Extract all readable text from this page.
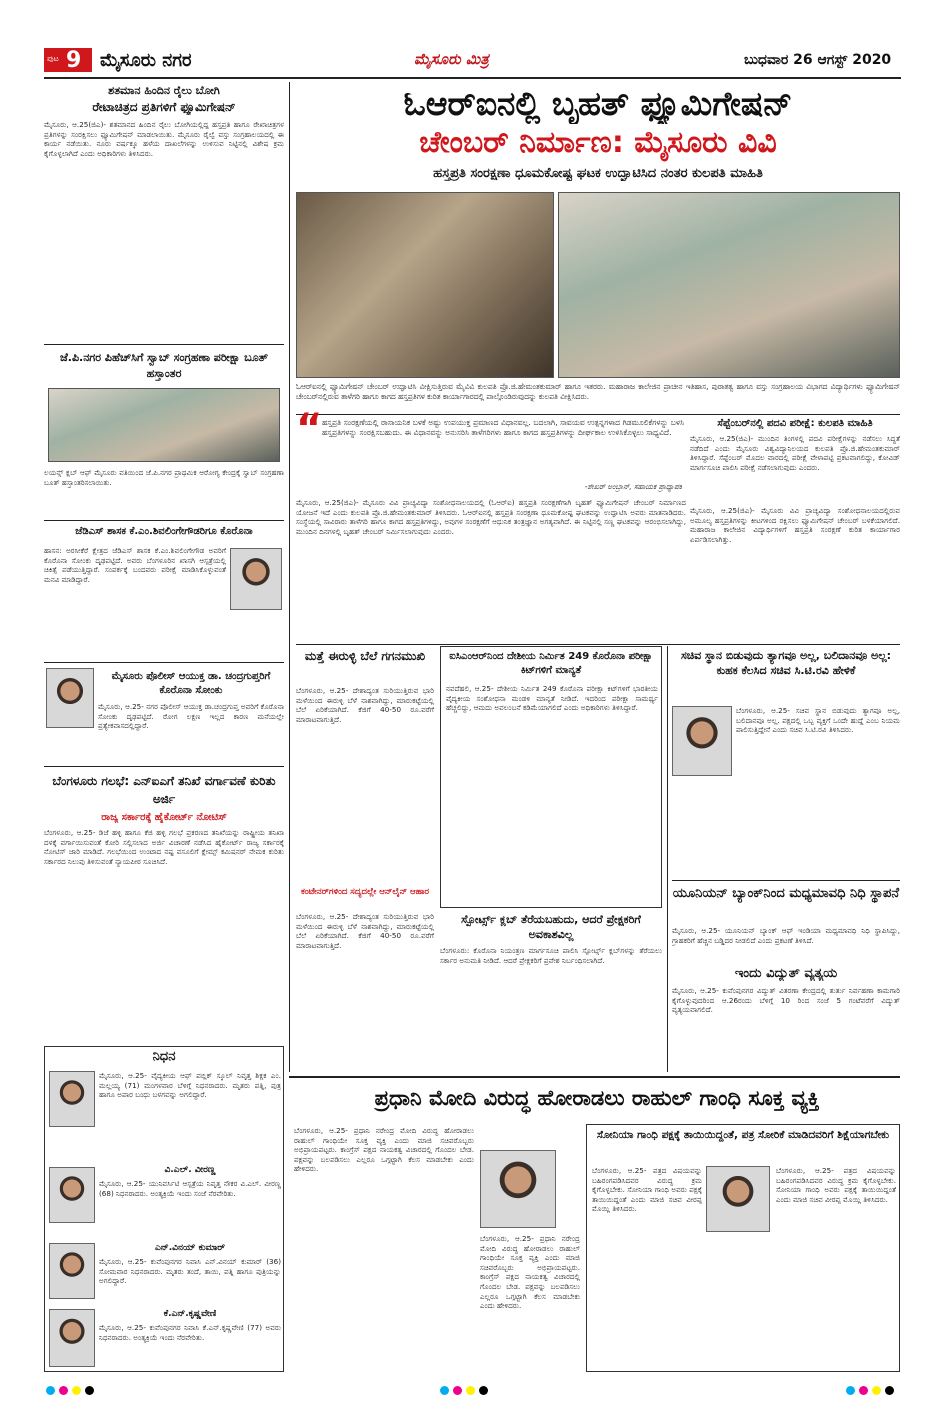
ಪುಟ 9 ಮೈಸೂರು ನಗರ	ಮೈಸೂರು ಮಿತ್ರ	ಬುಧವಾರ 26 ಆಗಸ್ಟ್ 2020
ಶತಮಾನ ಹಿಂದಿನ ರೈಲು ಬೋಗಿ
ರೇಟಾಚಿತ್ರದ ಪ್ರತಿಗಳಿಗೆ ಫ್ಯೂಮಿಗೇಷನ್
ಮೈಸೂರು, ಆ.25(ಜಿಎ)- ಶತಮಾನದ ಹಿಂದಿನ ರೈಲು ಬೋಗಿಯಲ್ಲಿದ್ದ ಹಸ್ತಪ್ರತಿ ಹಾಗೂ ರೇಖಾಚಿತ್ರಗಳ ಪ್ರತಿಗಳನ್ನು ಸಂರಕ್ಷಿಸಲು ಫ್ಯೂಮಿಗೇಷನ್ ಮಾಡಲಾಯಿತು. ಮೈಸೂರು ರೈಲ್ವೆ ವಸ್ತು ಸಂಗ್ರಹಾಲಯದಲ್ಲಿ ಈ ಕಾರ್ಯ ನಡೆಯಿತು. ನೂರು ವರ್ಷಕ್ಕೂ ಹಳೆಯ ದಾಖಲೆಗಳನ್ನು ಉಳಿಸುವ ನಿಟ್ಟಿನಲ್ಲಿ ವಿಶೇಷ ಕ್ರಮ ಕೈಗೊಳ್ಳಲಾಗಿದೆ ಎಂದು ಅಧಿಕಾರಿಗಳು ತಿಳಿಸಿದರು.
ಜೆ.ಪಿ.ನಗರ ಪಿಹೆಚ್‌ಸಿಗೆ ಸ್ವಾಬ್ ಸಂಗ್ರಹಣಾ ಪರೀಕ್ಷಾ ಬೂತ್ ಹಸ್ತಾಂತರ
ಲಯನ್ಸ್ ಕ್ಲಬ್ ಆಫ್ ಮೈಸೂರು ವತಿಯಿಂದ ಜೆ.ಪಿ.ನಗರ ಪ್ರಾಥಮಿಕ ಆರೋಗ್ಯ ಕೇಂದ್ರಕ್ಕೆ ಸ್ವಾಬ್ ಸಂಗ್ರಹಣಾ ಬೂತ್ ಹಸ್ತಾಂತರಿಸಲಾಯಿತು.
ಜೆಡಿಎಸ್ ಶಾಸಕ ಕೆ.ಎಂ.ಶಿವಲಿಂಗೇಗೌಡರಿಗೂ ಕೊರೊನಾ
ಹಾಸನ: ಅರಸೀಕೆರೆ ಕ್ಷೇತ್ರದ ಜೆಡಿಎಸ್ ಶಾಸಕ ಕೆ.ಎಂ.ಶಿವಲಿಂಗೇಗೌಡ ಅವರಿಗೆ ಕೊರೊನಾ ಸೋಂಕು ದೃಢಪಟ್ಟಿದೆ. ಅವರು ಬೆಂಗಳೂರಿನ ಖಾಸಗಿ ಆಸ್ಪತ್ರೆಯಲ್ಲಿ ಚಿಕಿತ್ಸೆ ಪಡೆಯುತ್ತಿದ್ದಾರೆ. ಸಂಪರ್ಕಕ್ಕೆ ಬಂದವರು ಪರೀಕ್ಷೆ ಮಾಡಿಸಿಕೊಳ್ಳುವಂತೆ ಮನವಿ ಮಾಡಿದ್ದಾರೆ.
ಮೈಸೂರು ಪೊಲೀಸ್ ಆಯುಕ್ತ ಡಾ. ಚಂದ್ರಗುಪ್ತರಿಗೆ ಕೊರೊನಾ ಸೋಂಕು
ಮೈಸೂರು, ಆ.25- ನಗರ ಪೊಲೀಸ್ ಆಯುಕ್ತ ಡಾ.ಚಂದ್ರಗುಪ್ತ ಅವರಿಗೆ ಕೊರೊನಾ ಸೋಂಕು ದೃಢಪಟ್ಟಿದೆ. ರೋಗ ಲಕ್ಷಣ ಇಲ್ಲದ ಕಾರಣ ಮನೆಯಲ್ಲೇ ಪ್ರತ್ಯೇಕವಾಸದಲ್ಲಿದ್ದಾರೆ.
ಬೆಂಗಳೂರು ಗಲಭೆ: ಎನ್‌ಐಎಗೆ ತನಿಖೆ ವರ್ಗಾವಣೆ ಕುರಿತು ಅರ್ಜಿ
ರಾಜ್ಯ ಸರ್ಕಾರಕ್ಕೆ ಹೈಕೋರ್ಟ್ ನೋಟಿಸ್
ಬೆಂಗಳೂರು, ಆ.25- ಡಿಜೆ ಹಳ್ಳಿ ಹಾಗೂ ಕೆಜಿ ಹಳ್ಳಿ ಗಲಭೆ ಪ್ರಕರಣದ ತನಿಖೆಯನ್ನು ರಾಷ್ಟ್ರೀಯ ತನಿಖಾ ದಳಕ್ಕೆ ವರ್ಗಾಯಿಸುವಂತೆ ಕೋರಿ ಸಲ್ಲಿಸಲಾದ ಅರ್ಜಿ ವಿಚಾರಣೆ ನಡೆಸಿದ ಹೈಕೋರ್ಟ್ ರಾಜ್ಯ ಸರ್ಕಾರಕ್ಕೆ ನೋಟಿಸ್ ಜಾರಿ ಮಾಡಿದೆ. ಗಲಭೆಯಿಂದ ಉಂಟಾದ ನಷ್ಟ ವಸೂಲಿಗೆ ಕ್ಲೇಮ್ಸ್ ಕಮಿಷನರ್ ನೇಮಕ ಕುರಿತು ಸರ್ಕಾರದ ನಿಲುವು ತಿಳಿಸುವಂತೆ ನ್ಯಾಯಪೀಠ ಸೂಚಿಸಿದೆ.
ನಿಧನ
ಮೈಸೂರು, ಆ.25- ವೈದ್ಯಕೀಯ ಆಫ್ ಪಬ್ಲಿಕ್ ಸ್ಕೂಲ್ ನಿವೃತ್ತ ಶಿಕ್ಷಕ ಎಂ. ಮಲ್ಲಯ್ಯ (71) ಮಂಗಳವಾರ ಬೆಳಿಗ್ಗೆ ನಿಧನರಾದರು. ಮೃತರು ಪತ್ನಿ, ಪುತ್ರ ಹಾಗೂ ಅಪಾರ ಬಂಧು ಬಳಗವನ್ನು ಅಗಲಿದ್ದಾರೆ.
ವಿ.ಎಲ್. ವೀರಣ್ಣ
ಮೈಸೂರು, ಆ.25- ಯುನಿವರ್ಸಿಟಿ ಆಸ್ಪತ್ರೆಯ ನಿವೃತ್ತ ನೌಕರ ವಿ.ಎಲ್. ವೀರಣ್ಣ (68) ನಿಧನರಾದರು. ಅಂತ್ಯಕ್ರಿಯೆ ಇಂದು ಸಂಜೆ ನೆರವೇರಿತು.
ಎನ್.ವಿನಯ್ ಕುಮಾರ್
ಮೈಸೂರು, ಆ.25- ಕುವೆಂಪುನಗರ ನಿವಾಸಿ ಎನ್.ವಿನಯ್ ಕುಮಾರ್ (36) ಸೋಮವಾರ ನಿಧನರಾದರು. ಮೃತರು ತಂದೆ, ತಾಯಿ, ಪತ್ನಿ ಹಾಗೂ ಪುತ್ರಿಯನ್ನು ಅಗಲಿದ್ದಾರೆ.
ಕೆ.ಎನ್.ಕೃಷ್ಣವೇಣಿ
ಮೈಸೂರು, ಆ.25- ಕುವೆಂಪುನಗರ ನಿವಾಸಿ ಕೆ.ಎನ್.ಕೃಷ್ಣವೇಣಿ (77) ಅವರು ನಿಧನರಾದರು. ಅಂತ್ಯಕ್ರಿಯೆ ಇಂದು ನೆರವೇರಿತು.
ಓಆರ್‌ಐನಲ್ಲಿ ಬೃಹತ್ ಫ್ಯೂಮಿಗೇಷನ್
ಚೇಂಬರ್ ನಿರ್ಮಾಣ: ಮೈಸೂರು ವಿವಿ
ಹಸ್ತಪ್ರತಿ ಸಂರಕ್ಷಣಾ ಧೂಮಕೋಷ್ಟ ಘಟಕ ಉದ್ಘಾಟಿಸಿದ ನಂತರ ಕುಲಪತಿ ಮಾಹಿತಿ
ಓಆರ್‌ಐನಲ್ಲಿ ಫ್ಯೂಮಿಗೇಷನ್ ಚೇಂಬರ್ ಉದ್ಘಾಟಿಸಿ ವೀಕ್ಷಿಸುತ್ತಿರುವ ಮೈವಿವಿ ಕುಲಪತಿ ಪ್ರೊ.ಜಿ.ಹೇಮಂತಕುಮಾರ್ ಹಾಗೂ ಇತರರು. ಮಹಾರಾಜ ಕಾಲೇಜಿನ ಪ್ರಾಚೀನ ಇತಿಹಾಸ, ಪುರಾತತ್ವ ಹಾಗೂ ವಸ್ತು ಸಂಗ್ರಹಾಲಯ ವಿಭಾಗದ ವಿದ್ಯಾರ್ಥಿಗಳು ಫ್ಯೂಮಿಗೇಷನ್ ಚೇಂಬರ್‌ನಲ್ಲಿರುವ ತಾಳೆಗರಿ ಹಾಗೂ ಕಾಗದ ಹಸ್ತಪ್ರತಿಗಳ ಕುರಿತ ಕಾರ್ಯಾಗಾರದಲ್ಲಿ ಪಾಲ್ಗೊಂಡಿರುವುದನ್ನು ಕುಲಪತಿ ವೀಕ್ಷಿಸಿದರು.
“ ಹಸ್ತಪ್ರತಿ ಸಂರಕ್ಷಣೆಯಲ್ಲಿ ರಾಸಾಯನಿಕ ಬಳಕೆ ಅಷ್ಟು ಉಪಯುಕ್ತ ಪ್ರಮಾಣದ ವಿಧಾನವಲ್ಲ. ಬದಲಾಗಿ, ಸಾವಯವ ಉತ್ಪನ್ನಗಳಾದ ಗಿಡಮೂಲಿಕೆಗಳನ್ನು ಬಳಸಿ ಹಸ್ತಪ್ರತಿಗಳನ್ನು ಸಂರಕ್ಷಿಸಬಹುದು. ಈ ವಿಧಾನವನ್ನು ಅನುಸರಿಸಿ ತಾಳೆಗರಿಗಳು ಹಾಗೂ ಕಾಗದ ಹಸ್ತಪ್ರತಿಗಳನ್ನು ದೀರ್ಘಕಾಲ ಉಳಿಸಿಕೊಳ್ಳಲು ಸಾಧ್ಯವಿದೆ.
-ಶೇಖರ್ ಅಂಬ್ರಾನ್, ಸಹಾಯಕ ಪ್ರಾಧ್ಯಾಪಕ
ಸೆಪ್ಟೆಂಬರ್‌ನಲ್ಲಿ ಪದವಿ ಪರೀಕ್ಷೆ: ಕುಲಪತಿ ಮಾಹಿತಿ
ಮೈಸೂರು, ಆ.25(ಜಿಎ)- ಮುಂದಿನ ತಿಂಗಳಲ್ಲಿ ಪದವಿ ಪರೀಕ್ಷೆಗಳನ್ನು ನಡೆಸಲು ಸಿದ್ಧತೆ ನಡೆದಿದೆ ಎಂದು ಮೈಸೂರು ವಿಶ್ವವಿದ್ಯಾನಿಲಯದ ಕುಲಪತಿ ಪ್ರೊ.ಜಿ.ಹೇಮಂತಕುಮಾರ್ ತಿಳಿಸಿದ್ದಾರೆ. ಸೆಪ್ಟೆಂಬರ್ ಮೊದಲ ವಾರದಲ್ಲಿ ಪರೀಕ್ಷೆ ವೇಳಾಪಟ್ಟಿ ಪ್ರಕಟವಾಗಲಿದ್ದು, ಕೋವಿಡ್ ಮಾರ್ಗಸೂಚಿ ಪಾಲಿಸಿ ಪರೀಕ್ಷೆ ನಡೆಸಲಾಗುವುದು ಎಂದರು.
ಮೈಸೂರು, ಆ.25(ಜಿಎ)- ಮೈಸೂರು ವಿವಿ ಪ್ರಾಚ್ಯವಿದ್ಯಾ ಸಂಶೋಧನಾಲಯದಲ್ಲಿ (ಓಆರ್‌ಐ) ಹಸ್ತಪ್ರತಿ ಸಂರಕ್ಷಣೆಗಾಗಿ ಬೃಹತ್ ಫ್ಯೂಮಿಗೇಷನ್ ಚೇಂಬರ್ ನಿರ್ಮಾಣದ ಯೋಜನೆ ಇದೆ ಎಂದು ಕುಲಪತಿ ಪ್ರೊ.ಜಿ.ಹೇಮಂತಕುಮಾರ್ ತಿಳಿಸಿದರು. ಓಆರ್‌ಐನಲ್ಲಿ ಹಸ್ತಪ್ರತಿ ಸಂರಕ್ಷಣಾ ಧೂಮಕೋಷ್ಟ ಘಟಕವನ್ನು ಉದ್ಘಾಟಿಸಿ ಅವರು ಮಾತನಾಡಿದರು. ಸಂಸ್ಥೆಯಲ್ಲಿ ಸಾವಿರಾರು ತಾಳೆಗರಿ ಹಾಗೂ ಕಾಗದ ಹಸ್ತಪ್ರತಿಗಳಿದ್ದು, ಅವುಗಳ ಸಂರಕ್ಷಣೆಗೆ ಆಧುನಿಕ ತಂತ್ರಜ್ಞಾನ ಅಗತ್ಯವಾಗಿದೆ. ಈ ನಿಟ್ಟಿನಲ್ಲಿ ಸಣ್ಣ ಘಟಕವನ್ನು ಆರಂಭಿಸಲಾಗಿದ್ದು, ಮುಂದಿನ ದಿನಗಳಲ್ಲಿ ಬೃಹತ್ ಚೇಂಬರ್ ನಿರ್ಮಿಸಲಾಗುವುದು ಎಂದರು.
ಮೈಸೂರು, ಆ.25(ಜಿಎ)- ಮೈಸೂರು ವಿವಿ ಪ್ರಾಚ್ಯವಿದ್ಯಾ ಸಂಶೋಧನಾಲಯದಲ್ಲಿರುವ ಅಮೂಲ್ಯ ಹಸ್ತಪ್ರತಿಗಳನ್ನು ಕೀಟಗಳಿಂದ ರಕ್ಷಿಸಲು ಫ್ಯೂಮಿಗೇಷನ್ ಚೇಂಬರ್ ಬಳಕೆಯಾಗಲಿದೆ. ಮಹಾರಾಜ ಕಾಲೇಜಿನ ವಿದ್ಯಾರ್ಥಿಗಳಿಗೆ ಹಸ್ತಪ್ರತಿ ಸಂರಕ್ಷಣೆ ಕುರಿತ ಕಾರ್ಯಾಗಾರ ಏರ್ಪಡಿಸಲಾಗಿತ್ತು.
ಮತ್ತೆ ಈರುಳ್ಳಿ ಬೆಲೆ ಗಗನಮುಖಿ
ಬೆಂಗಳೂರು, ಆ.25- ದೇಶಾದ್ಯಂತ ಸುರಿಯುತ್ತಿರುವ ಭಾರಿ ಮಳೆಯಿಂದ ಈರುಳ್ಳಿ ಬೆಳೆ ನಾಶವಾಗಿದ್ದು, ಮಾರುಕಟ್ಟೆಯಲ್ಲಿ ಬೆಲೆ ಏರಿಕೆಯಾಗಿದೆ. ಕೆಜಿಗೆ 40-50 ರೂ.ವರೆಗೆ ಮಾರಾಟವಾಗುತ್ತಿದೆ.
ಕಂಟೇನರ್‌ಗಳಿಂದ ಸದ್ಯದಲ್ಲೇ ಆನ್‌ಲೈನ್ ಆಹಾರ
ಐಸಿಎಂಆರ್‌ನಿಂದ ದೇಶೀಯ ನಿರ್ಮಿತ 249 ಕೊರೊನಾ ಪರೀಕ್ಷಾ ಕಿಟ್‌ಗಳಿಗೆ ಮಾನ್ಯತೆ
ನವದೆಹಲಿ, ಆ.25- ದೇಶೀಯ ನಿರ್ಮಿತ 249 ಕೊರೊನಾ ಪರೀಕ್ಷಾ ಕಿಟ್‌ಗಳಿಗೆ ಭಾರತೀಯ ವೈದ್ಯಕೀಯ ಸಂಶೋಧನಾ ಮಂಡಳಿ ಮಾನ್ಯತೆ ನೀಡಿದೆ. ಇದರಿಂದ ಪರೀಕ್ಷಾ ಸಾಮರ್ಥ್ಯ ಹೆಚ್ಚಲಿದ್ದು, ಆಮದು ಅವಲಂಬನೆ ಕಡಿಮೆಯಾಗಲಿದೆ ಎಂದು ಅಧಿಕಾರಿಗಳು ತಿಳಿಸಿದ್ದಾರೆ.
ಸ್ಪೋರ್ಟ್ಸ್ ಕ್ಲಬ್ ತೆರೆಯಬಹುದು, ಆದರೆ ಪ್ರೇಕ್ಷಕರಿಗೆ ಅವಕಾಶವಿಲ್ಲ
ಬೆಂಗಳೂರು: ಕೊರೊನಾ ನಿಯಂತ್ರಣ ಮಾರ್ಗಸೂಚಿ ಪಾಲಿಸಿ ಸ್ಪೋರ್ಟ್ಸ್ ಕ್ಲಬ್‌ಗಳನ್ನು ತೆರೆಯಲು ಸರ್ಕಾರ ಅನುಮತಿ ನೀಡಿದೆ. ಆದರೆ ಪ್ರೇಕ್ಷಕರಿಗೆ ಪ್ರವೇಶ ನಿರ್ಬಂಧಿಸಲಾಗಿದೆ.
ಬೆಂಗಳೂರು, ಆ.25- ದೇಶಾದ್ಯಂತ ಸುರಿಯುತ್ತಿರುವ ಭಾರಿ ಮಳೆಯಿಂದ ಈರುಳ್ಳಿ ಬೆಳೆ ನಾಶವಾಗಿದ್ದು, ಮಾರುಕಟ್ಟೆಯಲ್ಲಿ ಬೆಲೆ ಏರಿಕೆಯಾಗಿದೆ. ಕೆಜಿಗೆ 40-50 ರೂ.ವರೆಗೆ ಮಾರಾಟವಾಗುತ್ತಿದೆ.
ಸಚಿವ ಸ್ಥಾನ ಬಿಡುವುದು ತ್ಯಾಗವೂ ಅಲ್ಲ, ಬಲಿದಾನವೂ ಅಲ್ಲ: ಕುಹಕ ಕೆಲಸಿದ ಸಚಿವ ಸಿ.ಟಿ.ರವಿ ಹೇಳಿಕೆ
ಬೆಂಗಳೂರು, ಆ.25- ಸಚಿವ ಸ್ಥಾನ ಬಿಡುವುದು ತ್ಯಾಗವೂ ಅಲ್ಲ, ಬಲಿದಾನವೂ ಅಲ್ಲ. ಪಕ್ಷದಲ್ಲಿ ಒಬ್ಬ ವ್ಯಕ್ತಿಗೆ ಒಂದೇ ಹುದ್ದೆ ಎಂಬ ನಿಯಮ ಪಾಲಿಸುತ್ತಿದ್ದೇನೆ ಎಂದು ಸಚಿವ ಸಿ.ಟಿ.ರವಿ ತಿಳಿಸಿದರು.
ಯೂನಿಯನ್ ಬ್ಯಾಂಕ್‌ನಿಂದ ಮಧ್ಯಮಾವಧಿ ನಿಧಿ ಸ್ಥಾಪನೆ
ಮೈಸೂರು, ಆ.25- ಯೂನಿಯನ್ ಬ್ಯಾಂಕ್ ಆಫ್ ಇಂಡಿಯಾ ಮಧ್ಯಮಾವಧಿ ನಿಧಿ ಸ್ಥಾಪಿಸಿದ್ದು, ಗ್ರಾಹಕರಿಗೆ ಹೆಚ್ಚಿನ ಬಡ್ಡಿದರ ನೀಡಲಿದೆ ಎಂದು ಪ್ರಕಟಣೆ ತಿಳಿಸಿದೆ.
ಇಂದು ವಿದ್ಯುತ್ ವ್ಯತ್ಯಯ
ಮೈಸೂರು, ಆ.25- ಕುವೆಂಪುನಗರ ವಿದ್ಯುತ್ ವಿತರಣಾ ಕೇಂದ್ರದಲ್ಲಿ ತುರ್ತು ನಿರ್ವಹಣಾ ಕಾಮಗಾರಿ ಕೈಗೊಳ್ಳುವುದರಿಂದ ಆ.26ರಂದು ಬೆಳಿಗ್ಗೆ 10 ರಿಂದ ಸಂಜೆ 5 ಗಂಟೆವರೆಗೆ ವಿದ್ಯುತ್ ವ್ಯತ್ಯಯವಾಗಲಿದೆ.
ಪ್ರಧಾನಿ ಮೋದಿ ವಿರುದ್ಧ ಹೋರಾಡಲು ರಾಹುಲ್ ಗಾಂಧಿ ಸೂಕ್ತ ವ್ಯಕ್ತಿ
ಬೆಂಗಳೂರು, ಆ.25- ಪ್ರಧಾನಿ ನರೇಂದ್ರ ಮೋದಿ ವಿರುದ್ಧ ಹೋರಾಡಲು ರಾಹುಲ್ ಗಾಂಧಿಯೇ ಸೂಕ್ತ ವ್ಯಕ್ತಿ ಎಂದು ಮಾಜಿ ಸಚಿವರೊಬ್ಬರು ಅಭಿಪ್ರಾಯಪಟ್ಟರು. ಕಾಂಗ್ರೆಸ್ ಪಕ್ಷದ ನಾಯಕತ್ವ ವಿಚಾರದಲ್ಲಿ ಗೊಂದಲ ಬೇಡ. ಪಕ್ಷವನ್ನು ಬಲಪಡಿಸಲು ಎಲ್ಲರೂ ಒಗ್ಗಟ್ಟಾಗಿ ಕೆಲಸ ಮಾಡಬೇಕು ಎಂದು ಹೇಳಿದರು.
ಬೆಂಗಳೂರು, ಆ.25- ಪ್ರಧಾನಿ ನರೇಂದ್ರ ಮೋದಿ ವಿರುದ್ಧ ಹೋರಾಡಲು ರಾಹುಲ್ ಗಾಂಧಿಯೇ ಸೂಕ್ತ ವ್ಯಕ್ತಿ ಎಂದು ಮಾಜಿ ಸಚಿವರೊಬ್ಬರು ಅಭಿಪ್ರಾಯಪಟ್ಟರು. ಕಾಂಗ್ರೆಸ್ ಪಕ್ಷದ ನಾಯಕತ್ವ ವಿಚಾರದಲ್ಲಿ ಗೊಂದಲ ಬೇಡ. ಪಕ್ಷವನ್ನು ಬಲಪಡಿಸಲು ಎಲ್ಲರೂ ಒಗ್ಗಟ್ಟಾಗಿ ಕೆಲಸ ಮಾಡಬೇಕು ಎಂದು ಹೇಳಿದರು.
ಸೋನಿಯಾ ಗಾಂಧಿ ಪಕ್ಷಕ್ಕೆ ತಾಯಿಯಿದ್ದಂತೆ, ಪತ್ರ ಸೋರಿಕೆ ಮಾಡಿದವರಿಗೆ ಶಿಕ್ಷೆಯಾಗಬೇಕು
ಬೆಂಗಳೂರು, ಆ.25- ಪತ್ರದ ವಿಷಯವನ್ನು ಬಹಿರಂಗಪಡಿಸಿದವರ ವಿರುದ್ಧ ಕ್ರಮ ಕೈಗೊಳ್ಳಬೇಕು. ಸೋನಿಯಾ ಗಾಂಧಿ ಅವರು ಪಕ್ಷಕ್ಕೆ ತಾಯಿಯಿದ್ದಂತೆ ಎಂದು ಮಾಜಿ ಸಚಿವ ವೀರಪ್ಪ ಮೊಯ್ಲಿ ತಿಳಿಸಿದರು.
ಬೆಂಗಳೂರು, ಆ.25- ಪತ್ರದ ವಿಷಯವನ್ನು ಬಹಿರಂಗಪಡಿಸಿದವರ ವಿರುದ್ಧ ಕ್ರಮ ಕೈಗೊಳ್ಳಬೇಕು. ಸೋನಿಯಾ ಗಾಂಧಿ ಅವರು ಪಕ್ಷಕ್ಕೆ ತಾಯಿಯಿದ್ದಂತೆ ಎಂದು ಮಾಜಿ ಸಚಿವ ವೀರಪ್ಪ ಮೊಯ್ಲಿ ತಿಳಿಸಿದರು.
